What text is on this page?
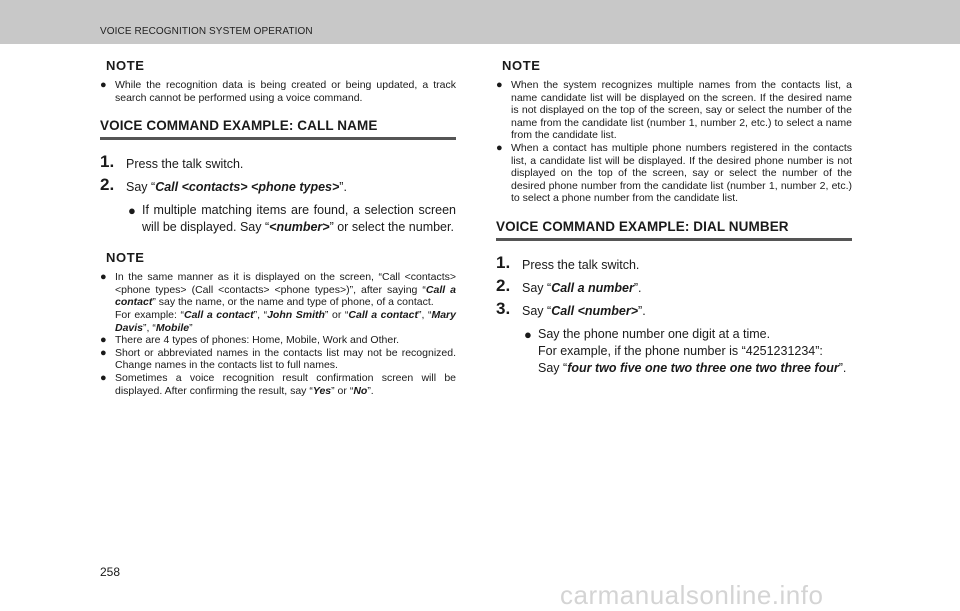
VOICE RECOGNITION SYSTEM OPERATION
NOTE
● While the recognition data is being created or being updated, a track search cannot be performed using a voice command.
VOICE COMMAND EXAMPLE: CALL NAME
1. Press the talk switch.
2. Say “Call <contacts> <phone types>”.
● If multiple matching items are found, a selection screen will be displayed. Say “<number>” or select the number.
NOTE
● In the same manner as it is displayed on the screen, “Call <contacts> <phone types> (Call <contacts> <phone types>)”, after saying “Call a contact” say the name, or the name and type of phone, of a contact.
For example: “Call a contact”, “John Smith” or “Call a contact”, “Mary Davis”, “Mobile”
● There are 4 types of phones: Home, Mobile, Work and Other.
● Short or abbreviated names in the contacts list may not be recognized. Change names in the contacts list to full names.
● Sometimes a voice recognition result confirmation screen will be displayed. After confirming the result, say “Yes” or “No”.
NOTE
● When the system recognizes multiple names from the contacts list, a name candidate list will be displayed on the screen. If the desired name is not displayed on the top of the screen, say or select the number of the name from the candidate list (number 1, number 2, etc.) to select a name from the candidate list.
● When a contact has multiple phone numbers registered in the contacts list, a candidate list will be displayed. If the desired phone number is not displayed on the top of the screen, say or select the number of the desired phone number from the candidate list (number 1, number 2, etc.) to select a phone number from the candidate list.
VOICE COMMAND EXAMPLE: DIAL NUMBER
1. Press the talk switch.
2. Say “Call a number”.
3. Say “Call <number>”.
● Say the phone number one digit at a time.
For example, if the phone number is “4251231234”:
Say “four two five one two three one two three four”.
258
carmanualsonline.info
